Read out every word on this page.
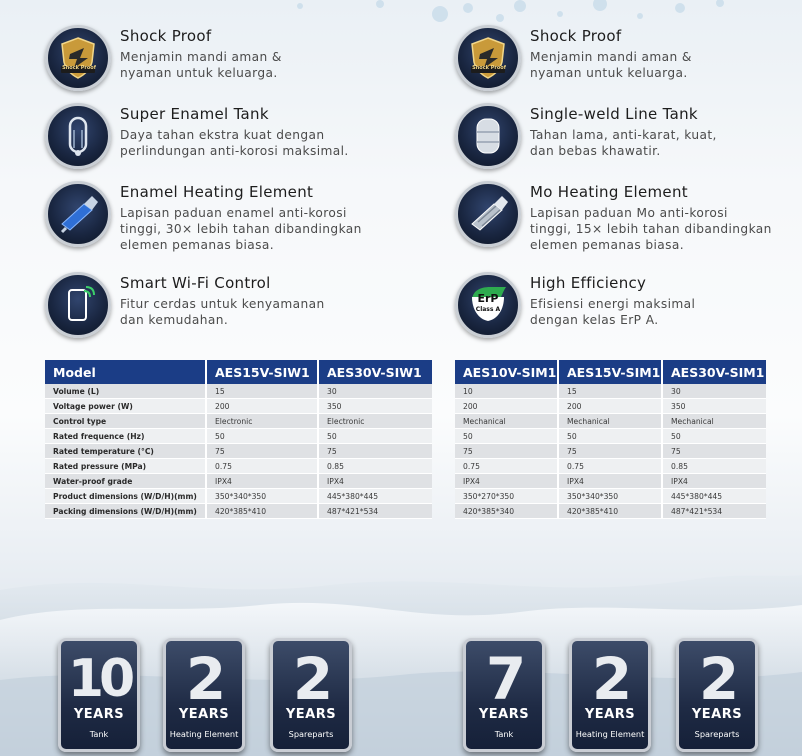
Shock Proof
Shock Proof
Menjamin mandi aman &
nyaman untuk keluarga.	Shock Proof
Shock Proof
Menjamin mandi aman &
nyaman untuk keluarga.
Super Enamel Tank
Daya tahan ekstra kuat dengan
perlindungan anti-korosi maksimal.
Single-weld Line Tank
Tahan lama, anti-karat, kuat,
dan bebas khawatir.
Enamel Heating Element
Lapisan paduan enamel anti-korosi
tinggi, 30× lebih tahan dibandingkan
elemen pemanas biasa.
Mo Heating Element
Lapisan paduan Mo anti-korosi
tinggi, 15× lebih tahan dibandingkan
elemen pemanas biasa.
Smart Wi-Fi Control
Fitur cerdas untuk kenyamanan
dan kemudahan.
ErP
Class A
High Efficiency
Efisiensi energi maksimal
dengan kelas ErP A.
Model		AES15V-SIW1		AES30V-SIW1
Volume (L)		15		30
Voltage power (W)		200		350
Control type		Electronic		Electronic
Rated frequence (Hz)		50		50
Rated temperature (°C)		75		75
Rated pressure (MPa)		0.75		0.85
Water-proof grade		IPX4		IPX4
Product dimensions (W/D/H)(mm)		350*340*350		445*380*445
Packing dimensions (W/D/H)(mm)		420*385*410		487*421*534
AES10V-SIM1		AES15V-SIM1		AES30V-SIM1
10		15		30
200		200		350
Mechanical		Mechanical		Mechanical
50		50		50
75		75		75
0.75		0.75		0.85
IPX4		IPX4		IPX4
350*270*350		350*340*350		445*380*445
420*385*340		420*385*410		487*421*534
10
YEARS
Tank
2
YEARS
Heating Element
2
YEARS
Spareparts
7
YEARS
Tank
2
YEARS
Heating Element
2
YEARS
Spareparts
